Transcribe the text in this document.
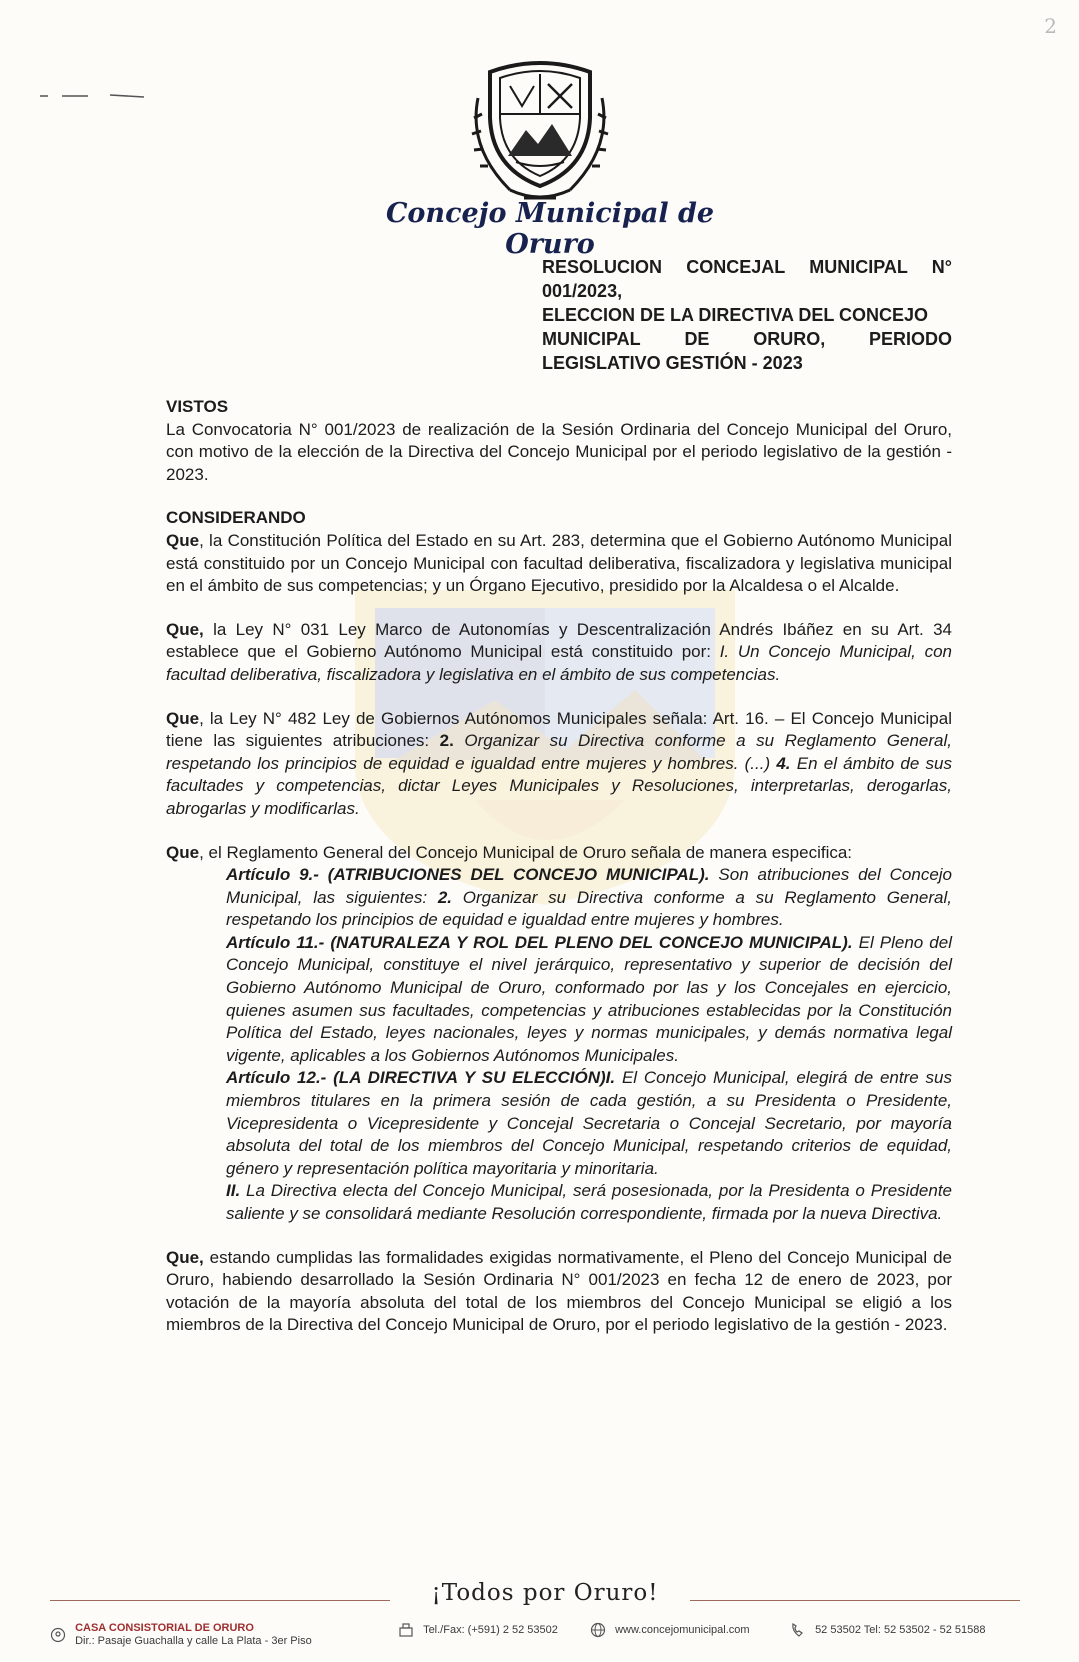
2
Concejo Municipal de Oruro
RESOLUCION CONCEJAL MUNICIPAL N° 001/2023,
ELECCION DE LA DIRECTIVA DEL CONCEJO
MUNICIPAL DE ORURO, PERIODO
LEGISLATIVO GESTIÓN - 2023

VISTOS

La Convocatoria N° 001/2023 de realización de la Sesión Ordinaria del Concejo Municipal del Oruro, con motivo de la elección de la Directiva del Concejo Municipal por el periodo legislativo de la gestión - 2023.

CONSIDERANDO

Que, la Constitución Política del Estado en su Art. 283, determina que el Gobierno Autónomo Municipal está constituido por un Concejo Municipal con facultad deliberativa, fiscalizadora y legislativa municipal en el ámbito de sus competencias; y un Órgano Ejecutivo, presidido por la Alcaldesa o el Alcalde.

Que, la Ley N° 031 Ley Marco de Autonomías y Descentralización Andrés Ibáñez en su Art. 34 establece que el Gobierno Autónomo Municipal está constituido por: I. Un Concejo Municipal, con facultad deliberativa, fiscalizadora y legislativa en el ámbito de sus competencias.

Que, la Ley N° 482 Ley de Gobiernos Autónomos Municipales señala: Art. 16. – El Concejo Municipal tiene las siguientes atribuciones: 2. Organizar su Directiva conforme a su Reglamento General, respetando los principios de equidad e igualdad entre mujeres y hombres. (...) 4. En el ámbito de sus facultades y competencias, dictar Leyes Municipales y Resoluciones, interpretarlas, derogarlas, abrogarlas y modificarlas.

Que, el Reglamento General del Concejo Municipal de Oruro señala de manera especifica:

Artículo 9.- (ATRIBUCIONES DEL CONCEJO MUNICIPAL). Son atribuciones del Concejo Municipal, las siguientes: 2. Organizar su Directiva conforme a su Reglamento General, respetando los principios de equidad e igualdad entre mujeres y hombres.

Artículo 11.- (NATURALEZA Y ROL DEL PLENO DEL CONCEJO MUNICIPAL). El Pleno del Concejo Municipal, constituye el nivel jerárquico, representativo y superior de decisión del Gobierno Autónomo Municipal de Oruro, conformado por las y los Concejales en ejercicio, quienes asumen sus facultades, competencias y atribuciones establecidas por la Constitución Política del Estado, leyes nacionales, leyes y normas municipales, y demás normativa legal vigente, aplicables a los Gobiernos Autónomos Municipales.

Artículo 12.- (LA DIRECTIVA Y SU ELECCIÓN)I. El Concejo Municipal, elegirá de entre sus miembros titulares en la primera sesión de cada gestión, a su Presidenta o Presidente, Vicepresidenta o Vicepresidente y Concejal Secretaria o Concejal Secretario, por mayoría absoluta del total de los miembros del Concejo Municipal, respetando criterios de equidad, género y representación política mayoritaria y minoritaria.

II. La Directiva electa del Concejo Municipal, será posesionada, por la Presidenta o Presidente saliente y se consolidará mediante Resolución correspondiente, firmada por la nueva Directiva.

Que, estando cumplidas las formalidades exigidas normativamente, el Pleno del Concejo Municipal de Oruro, habiendo desarrollado la Sesión Ordinaria N° 001/2023 en fecha 12 de enero de 2023, por votación de la mayoría absoluta del total de los miembros del Concejo Municipal se eligió a los miembros de la Directiva del Concejo Municipal de Oruro, por el periodo legislativo de la gestión - 2023.

¡Todos por Oruro!
CASA CONSISTORIAL DE ORURO
Dir.: Pasaje Guachalla y calle La Plata - 3er Piso
Tel./Fax: (+591) 2 52 53502	www.concejomunicipal.com	52 53502 Tel: 52 53502 - 52 51588
